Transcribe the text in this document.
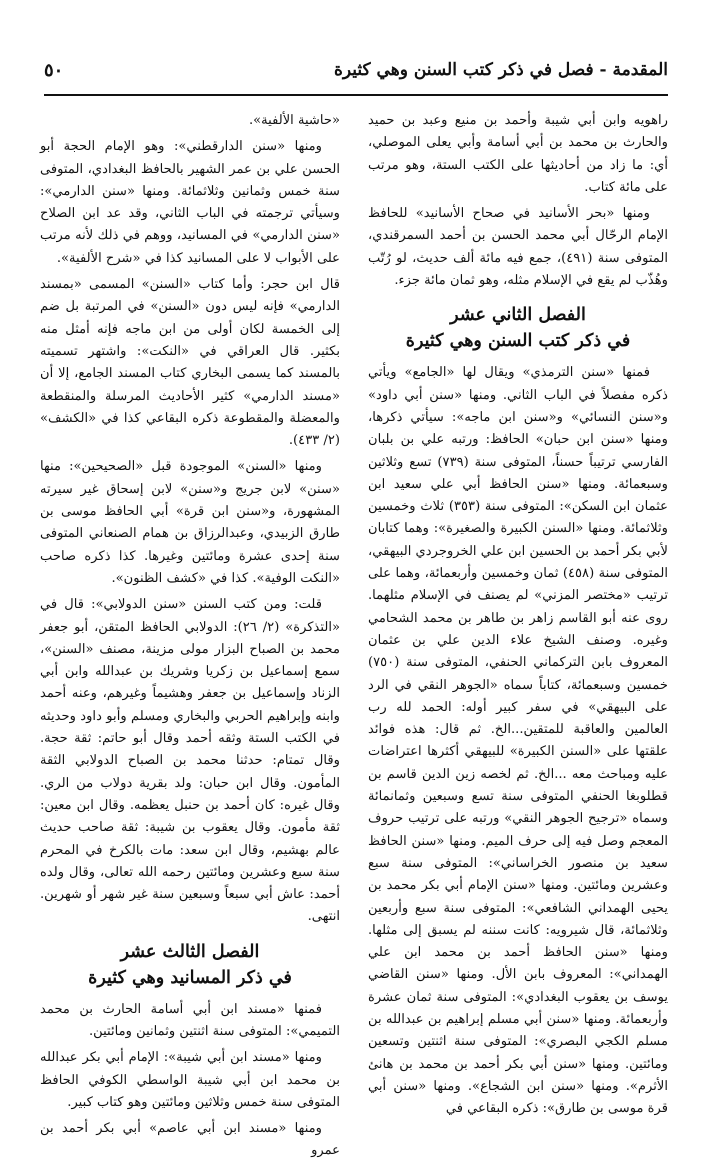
٥٠	المقدمة - فصل في ذكر كتب السنن وهي كثيرة

راهويه وابن أبي شيبة وأحمد بن منيع وعبد بن حميد والحارث بن محمد بن أبي أسامة وأبي يعلى الموصلي، أي: ما زاد من أحاديثها على الكتب الستة، وهو مرتب على مائة كتاب.

ومنها «بحر الأسانيد في صحاح الأسانيد» للحافظ الإمام الرحّال أبي محمد الحسن بن أحمد السمرقندي، المتوفى سنة (٤٩١)، جمع فيه مائة ألف حديث، لو رُتّب وهُذّب لم يقع في الإسلام مثله، وهو ثمان مائة جزء.

الفصل الثاني عشر
في ذكر كتب السنن وهي كثيرة

فمنها «سنن الترمذي» ويقال لها «الجامع» ويأتي ذكره مفصلاً في الباب الثاني. ومنها «سنن أبي داود» و«سنن النسائي» و«سنن ابن ماجه»: سيأتي ذكرها، ومنها «سنن ابن حبان» الحافظ: ورتبه علي بن بلبان الفارسي ترتيباً حسناً، المتوفى سنة (٧٣٩) تسع وثلاثين وسبعمائة. ومنها «سنن الحافظ أبي علي سعيد ابن عثمان ابن السكن»: المتوفى سنة (٣٥٣) ثلاث وخمسين وثلاثمائة. ومنها «السنن الكبيرة والصغيرة»: وهما كتابان لأبي بكر أحمد بن الحسين ابن علي الخروجردي البيهقي، المتوفى سنة (٤٥٨) ثمان وخمسين وأربعمائة، وهما على ترتيب «مختصر المزني» لم يصنف في الإسلام مثلهما. روى عنه أبو القاسم زاهر بن طاهر بن محمد الشحامي وغيره. وصنف الشيخ علاء الدين علي بن عثمان المعروف بابن التركماني الحنفي، المتوفى سنة (٧٥٠) خمسين وسبعمائة، كتاباً سماه «الجوهر النقي في الرد على البيهقي» في سفر كبير أوله: الحمد لله رب العالمين والعاقبة للمتقين...الخ. ثم قال: هذه فوائد علقتها على «السنن الكبيرة» للبيهقي أكثرها اعتراضات عليه ومباحث معه ...الخ. ثم لخصه زين الدين قاسم بن قطلوبغا الحنفي المتوفى سنة تسع وسبعين وثمانمائة وسماه «ترجيح الجوهر النقي» ورتبه على ترتيب حروف المعجم وصل فيه إلى حرف الميم. ومنها «سنن الحافظ سعيد بن منصور الخراساني»: المتوفى سنة سبع وعشرين ومائتين. ومنها «سنن الإمام أبي بكر محمد بن يحيى الهمداني الشافعي»: المتوفى سنة سبع وأربعين وثلاثمائة، قال شيرويه: كانت سننه لم يسبق إلى مثلها. ومنها «سنن الحافظ أحمد بن محمد ابن علي الهمداني»: المعروف بابن الأل. ومنها «سنن القاضي يوسف بن يعقوب البغدادي»: المتوفى سنة ثمان عشرة وأربعمائة. ومنها «سنن أبي مسلم إبراهيم بن عبدالله بن مسلم الكجي البصري»: المتوفى سنة اثنتين وتسعين ومائتين. ومنها «سنن أبي بكر أحمد بن محمد بن هانئ الأثرم». ومنها «سنن ابن الشجاع». ومنها «سنن أبي قرة موسى بن طارق»: ذكره البقاعي في

«حاشية الألفية».

ومنها «سنن الدارقطني»: وهو الإمام الحجة أبو الحسن علي بن عمر الشهير بالحافظ البغدادي، المتوفى سنة خمس وثمانين وثلاثمائة. ومنها «سنن الدارمي»: وسيأتي ترجمته في الباب الثاني، وقد عد ابن الصلاح «سنن الدارمي» في المسانيد، ووهم في ذلك لأنه مرتب على الأبواب لا على المسانيد كذا في «شرح الألفية».

قال ابن حجر: وأما كتاب «السنن» المسمى «بمسند الدارمي» فإنه ليس دون «السنن» في المرتبة بل ضم إلى الخمسة لكان أولى من ابن ماجه فإنه أمثل منه بكثير. قال العراقي في «النكت»: واشتهر تسميته بالمسند كما يسمى البخاري كتاب المسند الجامع، إلا أن «مسند الدارمي» كثير الأحاديث المرسلة والمنقطعة والمعضلة والمقطوعة ذكره البقاعي كذا في «الكشف» (٢/ ٤٣٣).

ومنها «السنن» الموجودة قبل «الصحيحين»: منها «سنن» لابن جريج و«سنن» لابن إسحاق غير سيرته المشهورة، و«سنن ابن قرة» أبي الحافظ موسى بن طارق الزبيدي، وعبدالرزاق بن همام الصنعاني المتوفى سنة إحدى عشرة ومائتين وغيرها. كذا ذكره صاحب «النكت الوفية». كذا في «كشف الظنون».

قلت: ومن كتب السنن «سنن الدولابي»: قال في «التذكرة» (٢/ ٢٦): الدولابي الحافظ المتقن، أبو جعفر محمد بن الصباح البزار مولى مزينة، مصنف «السنن»، سمع إسماعيل بن زكريا وشريك بن عبدالله وابن أبي الزناد وإسماعيل بن جعفر وهشيماً وغيرهم، وعنه أحمد وابنه وإبراهيم الحربي والبخاري ومسلم وأبو داود وحديثه في الكتب الستة وثقه أحمد وقال أبو حاتم: ثقة حجة. وقال تمتام: حدثنا محمد بن الصباح الدولابي الثقة المأمون. وقال ابن حبان: ولد بقرية دولاب من الري. وقال غيره: كان أحمد بن حنبل يعظمه. وقال ابن معين: ثقة مأمون. وقال يعقوب بن شيبة: ثقة صاحب حديث عالم بهشيم، وقال ابن سعد: مات بالكرخ في المحرم سنة سبع وعشرين ومائتين رحمه الله تعالى، وقال ولده أحمد: عاش أبي سبعاً وسبعين سنة غير شهر أو شهرين. انتهى.

الفصل الثالث عشر
في ذكر المسانيد وهي كثيرة

فمنها «مسند ابن أبي أسامة الحارث بن محمد التميمي»: المتوفى سنة اثنتين وثمانين ومائتين.

ومنها «مسند ابن أبي شيبة»: الإمام أبي بكر عبدالله بن محمد ابن أبي شيبة الواسطي الكوفي الحافظ المتوفى سنة خمس وثلاثين ومائتين وهو كتاب كبير.

ومنها «مسند ابن أبي عاصم» أبي بكر أحمد بن عمرو
